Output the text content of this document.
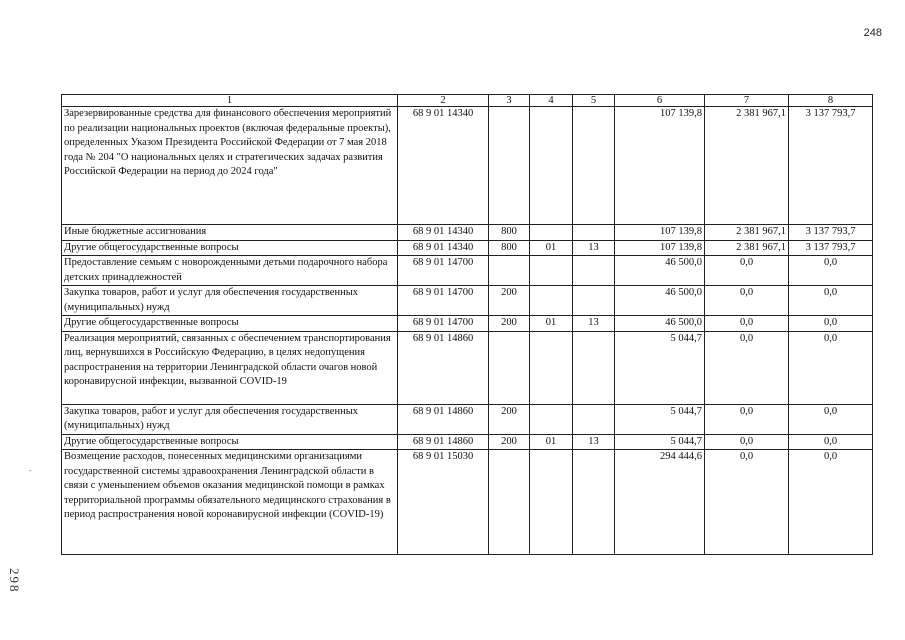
248
-
298
1	2	3	4	5	6	7	8
Зарезервированные средства для финансового обеспечения мероприятий по реализации национальных проектов (включая федеральные проекты), определенных Указом Президента Российской Федерации от 7 мая 2018 года № 204 "О национальных целях и стратегических задачах развития Российской Федерации на период до 2024 года"	68 9 01 14340				107 139,8	2 381 967,1	3 137 793,7
Иные бюджетные ассигнования	68 9 01 14340	800			107 139,8	2 381 967,1	3 137 793,7
Другие общегосударственные вопросы	68 9 01 14340	800	01	13	107 139,8	2 381 967,1	3 137 793,7
Предоставление семьям с новорожденными детьми подарочного набора детских принадлежностей	68 9 01 14700				46 500,0	0,0	0,0
Закупка товаров, работ и услуг для обеспечения государственных (муниципальных) нужд	68 9 01 14700	200			46 500,0	0,0	0,0
Другие общегосударственные вопросы	68 9 01 14700	200	01	13	46 500,0	0,0	0,0
Реализация мероприятий, связанных с обеспечением транспортирования лиц, вернувшихся в Российскую Федерацию, в целях недопущения распространения на территории Ленинградской области очагов новой коронавирусной инфекции, вызванной COVID-19	68 9 01 14860				5 044,7	0,0	0,0
Закупка товаров, работ и услуг для обеспечения государственных (муниципальных) нужд	68 9 01 14860	200			5 044,7	0,0	0,0
Другие общегосударственные вопросы	68 9 01 14860	200	01	13	5 044,7	0,0	0,0
Возмещение расходов, понесенных медицинскими организациями государственной системы здравоохранения Ленинградской области в связи с уменьшением объемов оказания медицинской помощи в рамках территориальной программы обязательного медицинского страхования в период распространения новой коронавирусной инфекции (COVID-19)	68 9 01 15030				294 444,6	0,0	0,0
